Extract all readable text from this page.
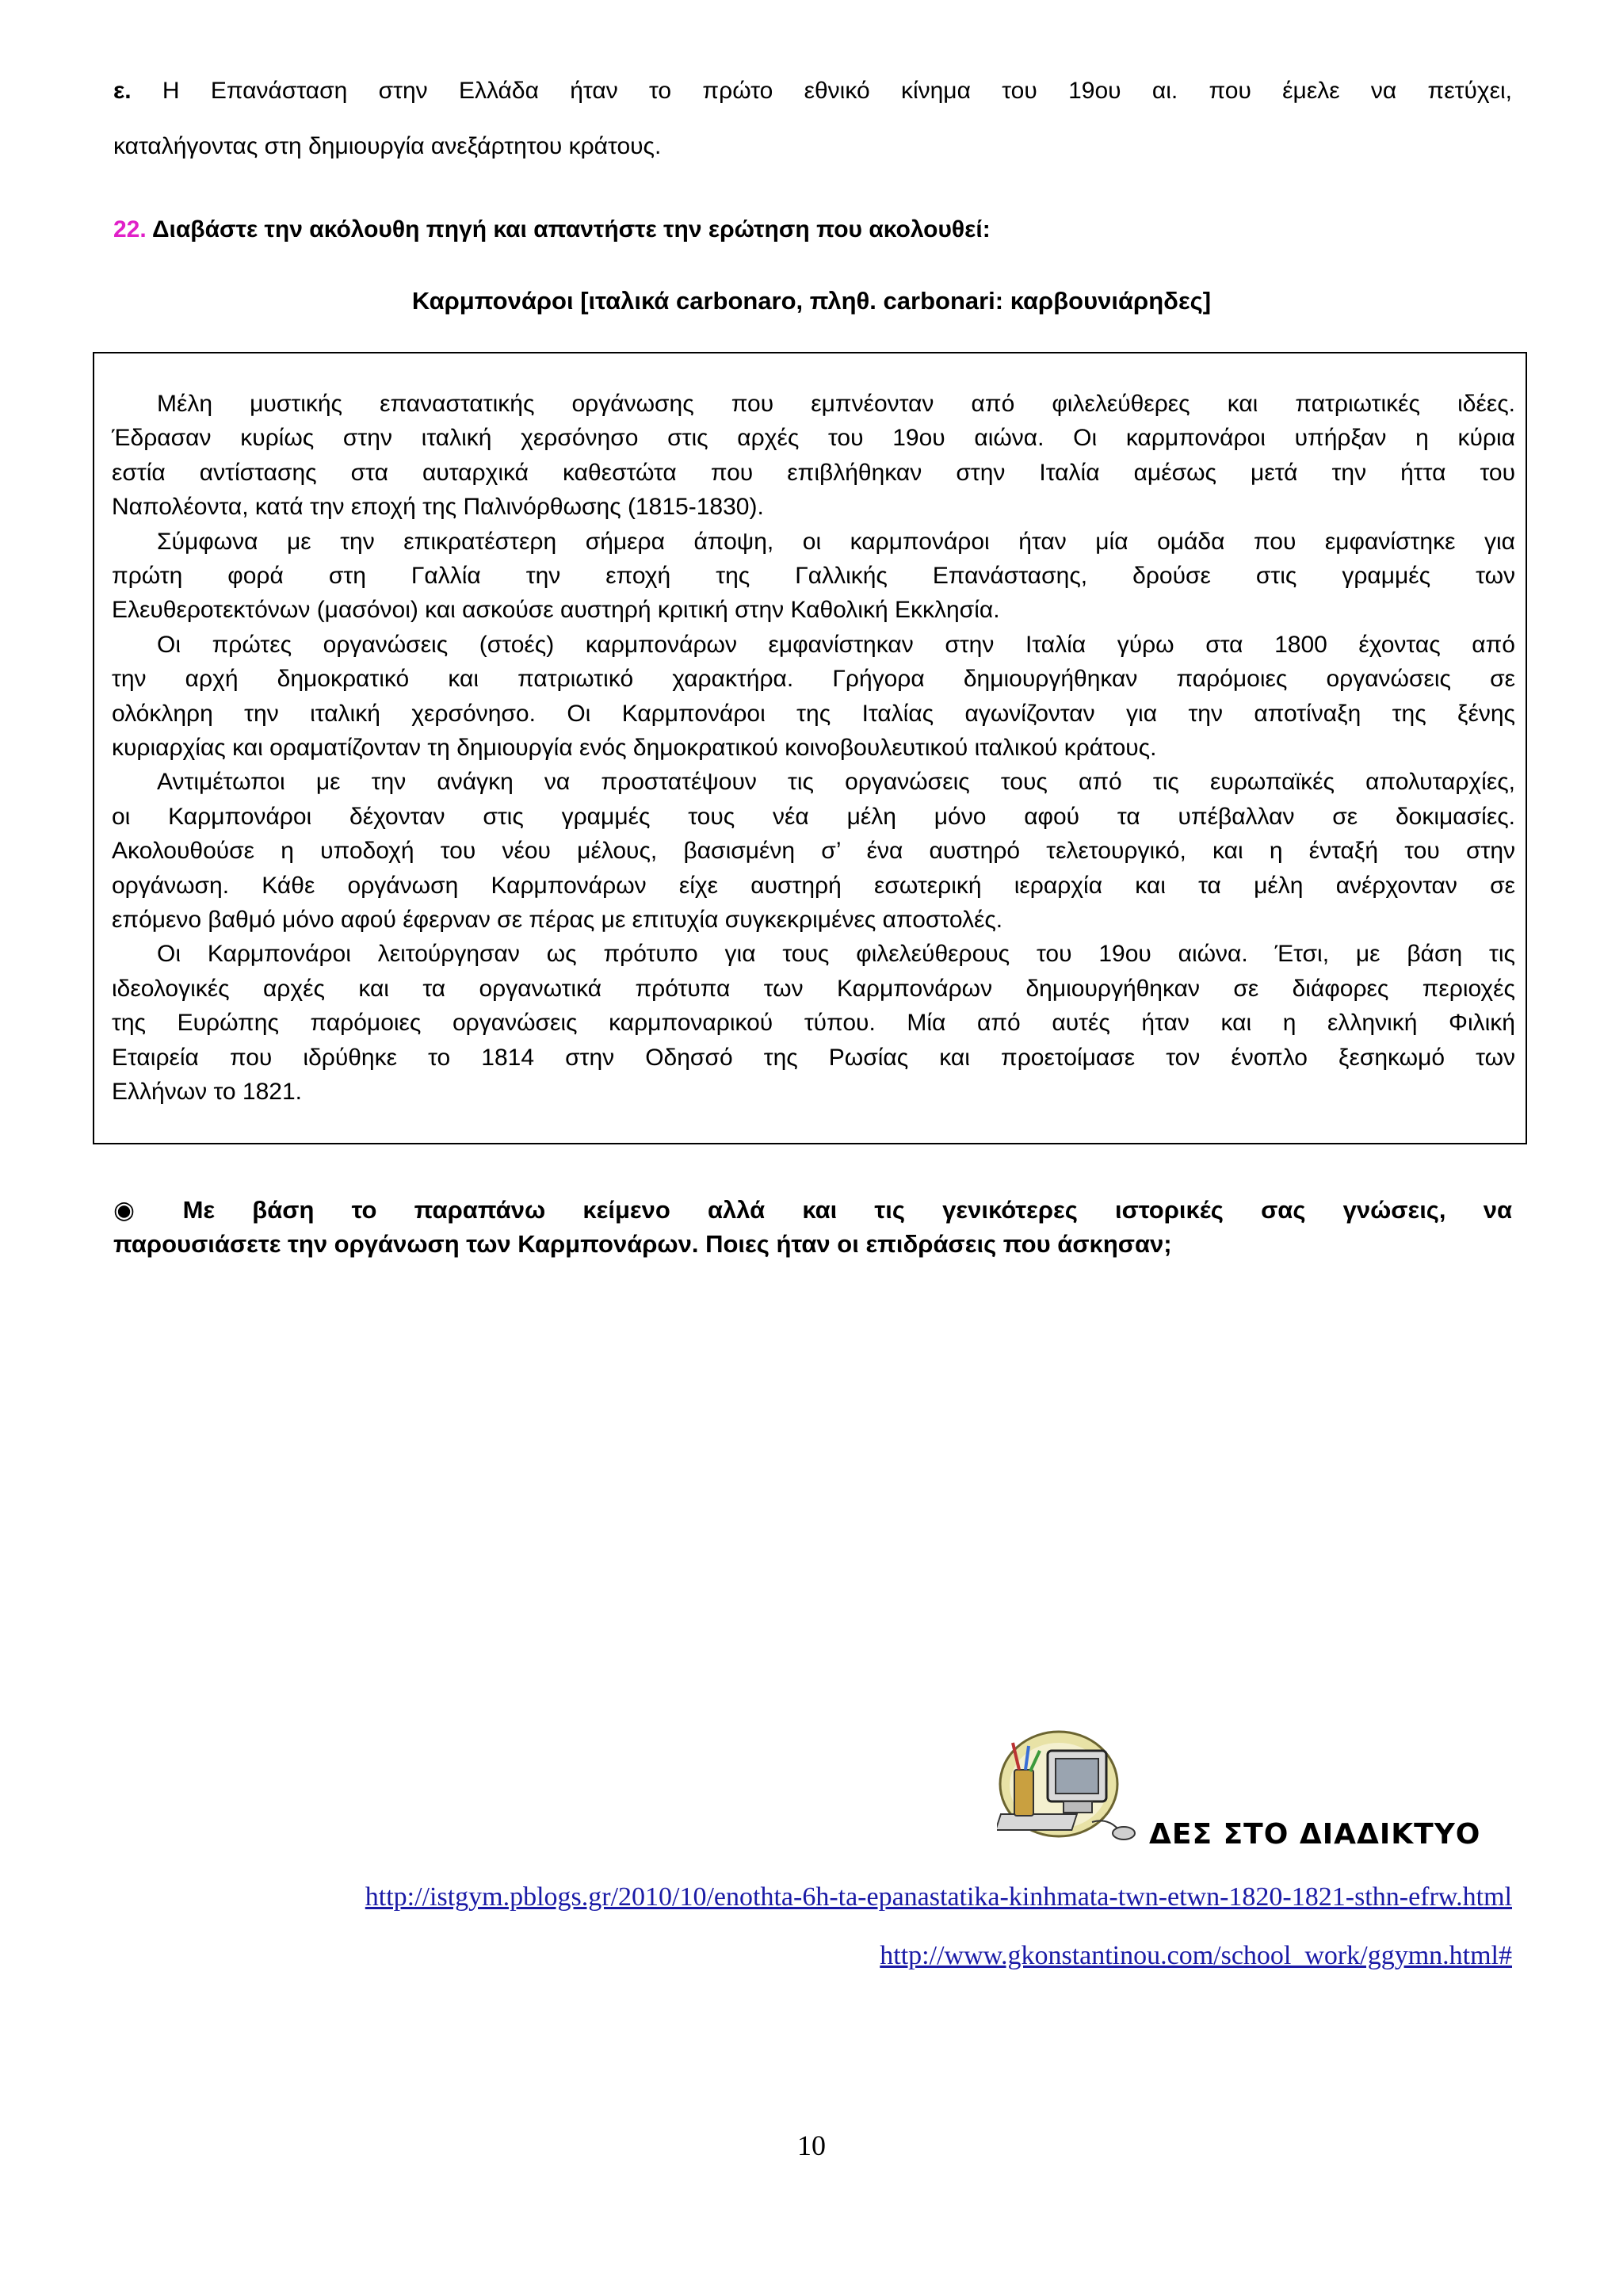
ε. Η Επανάσταση στην Ελλάδα ήταν το πρώτο εθνικό κίνημα του 19ου αι. που έμελε να πετύχει,
καταλήγοντας στη δημιουργία ανεξάρτητου κράτους.
22. Διαβάστε την ακόλουθη πηγή και απαντήστε την ερώτηση που ακολουθεί:
Καρμπονάροι [ιταλικά carbonaro, πληθ. carbonari: καρβουνιάρηδες]
Μέλη μυστικής επαναστατικής οργάνωσης που εμπνέονταν από φιλελεύθερες και πατριωτικές ιδέες.
Έδρασαν κυρίως στην ιταλική χερσόνησο στις αρχές του 19ου αιώνα. Οι καρμπονάροι υπήρξαν η κύρια
εστία αντίστασης στα αυταρχικά καθεστώτα που επιβλήθηκαν στην Ιταλία αμέσως μετά την ήττα του
Ναπολέοντα, κατά την εποχή της Παλινόρθωσης (1815-1830).
Σύμφωνα με την επικρατέστερη σήμερα άποψη, οι καρμπονάροι ήταν μία ομάδα που εμφανίστηκε για
πρώτη φορά στη Γαλλία την εποχή της Γαλλικής Επανάστασης, δρούσε στις γραμμές των
Ελευθεροτεκτόνων (μασόνοι) και ασκούσε αυστηρή κριτική στην Καθολική Εκκλησία.
Οι πρώτες οργανώσεις (στοές) καρμπονάρων εμφανίστηκαν στην Ιταλία γύρω στα 1800 έχοντας από
την αρχή δημοκρατικό και πατριωτικό χαρακτήρα. Γρήγορα δημιουργήθηκαν παρόμοιες οργανώσεις σε
ολόκληρη την ιταλική χερσόνησο. Οι Καρμπονάροι της Ιταλίας αγωνίζονταν για την αποτίναξη της ξένης
κυριαρχίας και οραματίζονταν τη δημιουργία ενός δημοκρατικού κοινοβουλευτικού ιταλικού κράτους.
Αντιμέτωποι με την ανάγκη να προστατέψουν τις οργανώσεις τους από τις ευρωπαϊκές απολυταρχίες,
οι Καρμπονάροι δέχονταν στις γραμμές τους νέα μέλη μόνο αφού τα υπέβαλλαν σε δοκιμασίες.
Ακολουθούσε η υποδοχή του νέου μέλους, βασισμένη σ’ ένα αυστηρό τελετουργικό, και η ένταξή του στην
οργάνωση. Κάθε οργάνωση Καρμπονάρων είχε αυστηρή εσωτερική ιεραρχία και τα μέλη ανέρχονταν σε
επόμενο βαθμό μόνο αφού έφερναν σε πέρας με επιτυχία συγκεκριμένες αποστολές.
Οι Καρμπονάροι λειτούργησαν ως πρότυπο για τους φιλελεύθερους του 19ου αιώνα. Έτσι, με βάση τις
ιδεολογικές αρχές και τα οργανωτικά πρότυπα των Καρμπονάρων δημιουργήθηκαν σε διάφορες περιοχές
της Ευρώπης παρόμοιες οργανώσεις καρμποναρικού τύπου. Μία από αυτές ήταν και η ελληνική Φιλική
Εταιρεία που ιδρύθηκε το 1814 στην Οδησσό της Ρωσίας και προετοίμασε τον ένοπλο ξεσηκωμό των
Ελλήνων το 1821.
◉ Με βάση το παραπάνω κείμενο αλλά και τις γενικότερες ιστορικές σας γνώσεις, να
παρουσιάσετε την οργάνωση των Καρμπονάρων. Ποιες ήταν οι επιδράσεις που άσκησαν;
ΔΕΣ ΣΤΟ ΔΙΑΔΙΚΤΥΟ
http://istgym.pblogs.gr/2010/10/enothta-6h-ta-epanastatika-kinhmata-twn-etwn-1820-1821-sthn-efrw.html
http://www.gkonstantinou.com/school_work/ggymn.html#
10
